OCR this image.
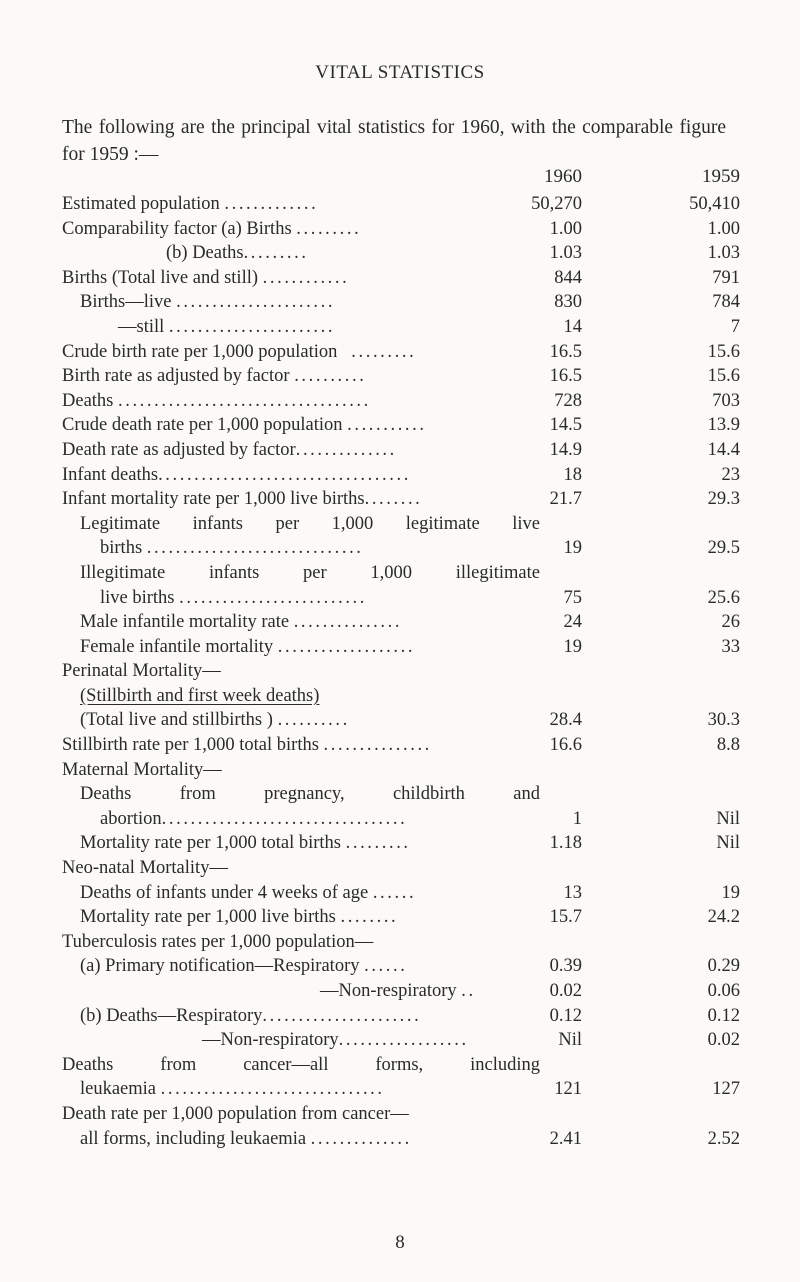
VITAL STATISTICS
The following are the principal vital statistics for 1960, with the comparable figure for 1959 :—
1960	1959
Estimated population .............	50,270	50,410
Comparability factor (a) Births .........	1.00	1.00
(b) Deaths.........	1.03	1.03
Births (Total live and still) ............	844	791
Births—live ......................	830	784
—still .......................	14	7
Crude birth rate per 1,000 population .........	16.5	15.6
Birth rate as adjusted by factor ..........	16.5	15.6
Deaths ...................................	728	703
Crude death rate per 1,000 population ...........	14.5	13.9
Death rate as adjusted by factor..............	14.9	14.4
Infant deaths...................................	18	23
Infant mortality rate per 1,000 live births........	21.7	29.3
Legitimate infants per 1,000 legitimate live
births ..............................	19	29.5
Illegitimate infants per 1,000 illegitimate
live births ..........................	75	25.6
Male infantile mortality rate ...............	24	26
Female infantile mortality ...................	19	33
Perinatal Mortality—
(Stillbirth and first week deaths)
(Total live and stillbirths ) ..........	28.4	30.3
Stillbirth rate per 1,000 total births ...............	16.6	8.8
Maternal Mortality—
Deaths from pregnancy, childbirth and
abortion..................................	1	Nil
Mortality rate per 1,000 total births .........	1.18	Nil
Neo-natal Mortality—
Deaths of infants under 4 weeks of age ......	13	19
Mortality rate per 1,000 live births ........	15.7	24.2
Tuberculosis rates per 1,000 population—
(a) Primary notification—Respiratory ......	0.39	0.29
—Non-respiratory ..	0.02	0.06
(b) Deaths—Respiratory......................	0.12	0.12
—Non-respiratory..................	Nil	0.02
Deaths from cancer—all forms, including
leukaemia ...............................	121	127
Death rate per 1,000 population from cancer—
all forms, including leukaemia ..............	2.41	2.52
8
